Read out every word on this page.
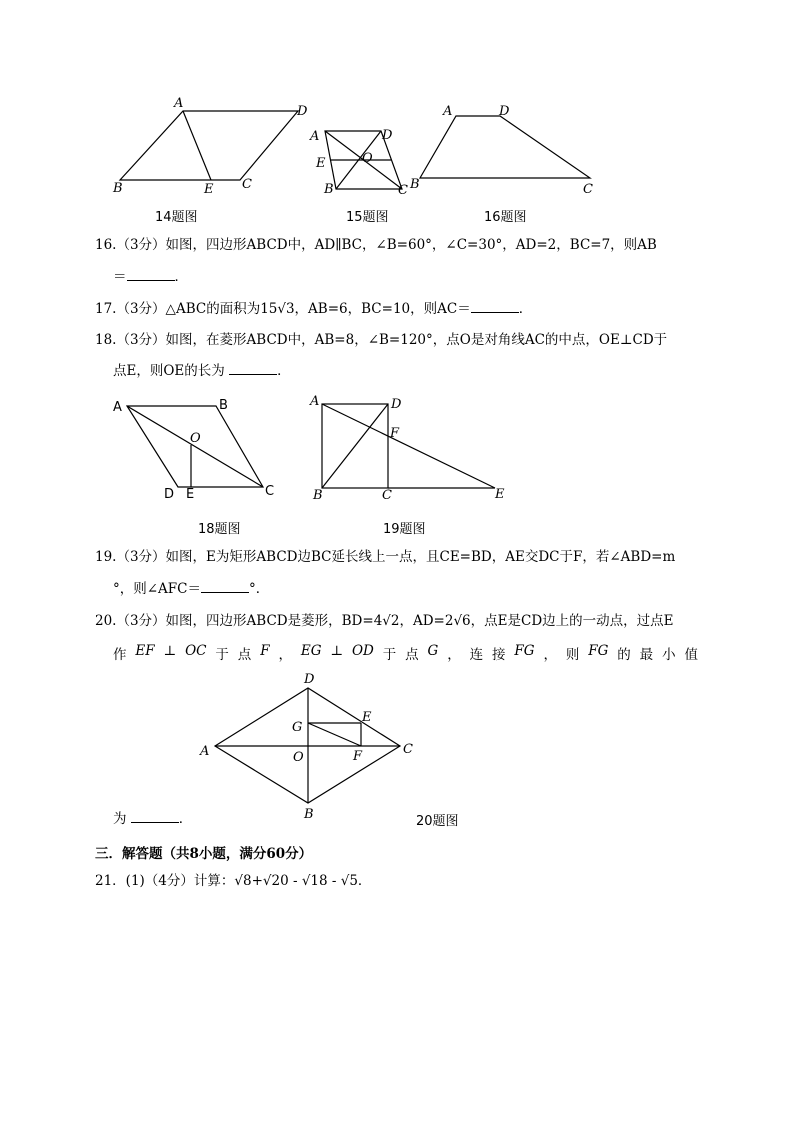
A
D
B	E C
A	D
E	O
B	C
A	D
B	C
14题图	15题图	16题图
16.（3分）如图，四边形ABCD中，AD∥BC，∠B=60°，∠C=30°，AD=2，BC=7，则AB
＝	．
17.（3分）△ABC的面积为15√3，AB=6，BC=10，则AC＝	．
18.（3分）如图，在菱形ABCD中，AB=8，∠B=120°，点O是对角线AC的中点，OE⊥CD于
点E，则OE的长为	．
A	B
O
D E	C
A	D
F
B	C	E
18题图	19题图
19.（3分）如图，E为矩形ABCD边BC延长线上一点，且CE=BD，AE交DC于F，若∠ABD=m
°，则∠AFC＝	°．
20.（3分）如图，四边形ABCD是菱形，BD=4√2，AD=2√6，点E是CD边上的一动点，过点E
作 EF ⊥ OC 于 点 F ， EG ⊥ OD 于 点 G ， 连 接 FG ， 则 FG 的 最 小 值
D
E
G
A	O	F	C
B
为	．	20题图
三．解答题（共8小题，满分60分）
21．(1)（4分）计算：√8+√20 - √18 - √5．
